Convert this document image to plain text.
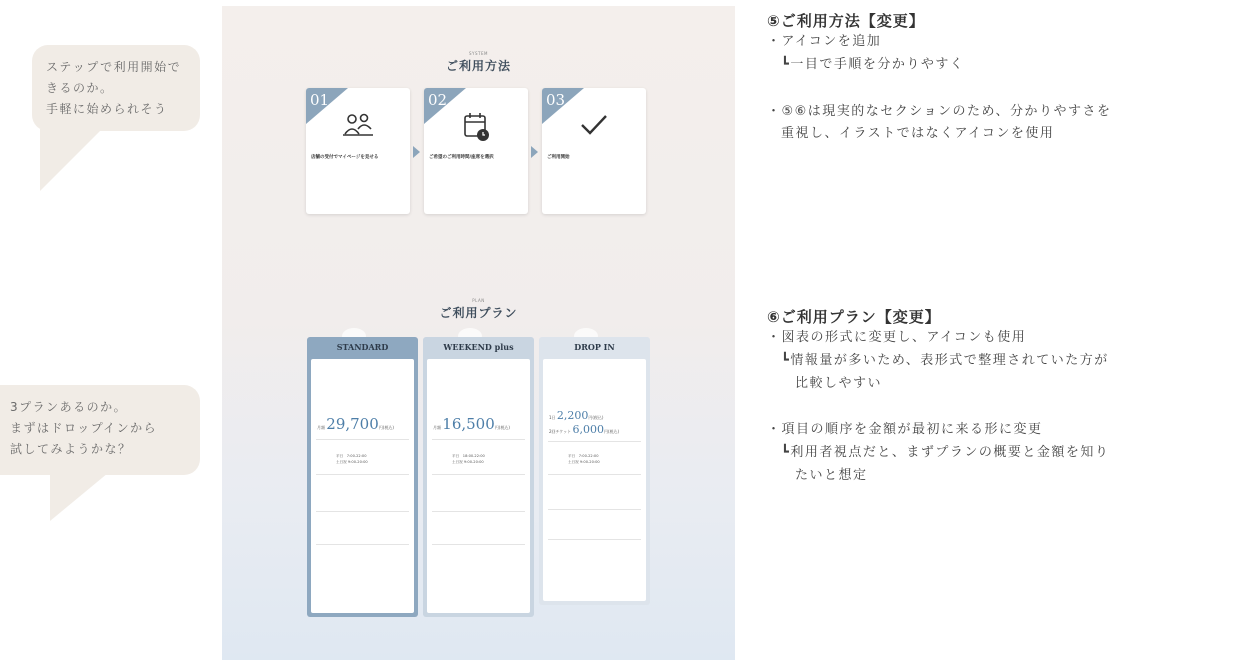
ステップで利用開始で
きるのか。
手軽に始められそう
3プランあるのか。
まずはドロップインから
試してみようかな？
SYSTEM
ご利用方法
01
店舗の受付でマイページを見せる
02
ご希望のご利用時間/座席を選択
03
ご利用開始
PLAN
ご利用プラン
STANDARD
月額 29,700円(税込)
平日　7:00-22:00
土日祝 9:00-20:00
WEEKEND plus
月額 16,500円(税込)
平日　18:00-22:00
土日祝 9:00-20:00
DROP IN
1日 2,200円(税込)
2回チケット 6,000円(税込)
平日　7:00-22:00
土日祝 9:00-20:00
⑤ご利用方法【変更】

・アイコンを追加

┗一目で手順を分かりやすく

・⑤⑥は現実的なセクションのため、分かりやすさを

重視し、イラストではなくアイコンを使用

⑥ご利用プラン【変更】

・図表の形式に変更し、アイコンも使用

┗情報量が多いため、表形式で整理されていた方が

比較しやすい

・項目の順序を金額が最初に来る形に変更

┗利用者視点だと、まずプランの概要と金額を知り

たいと想定
